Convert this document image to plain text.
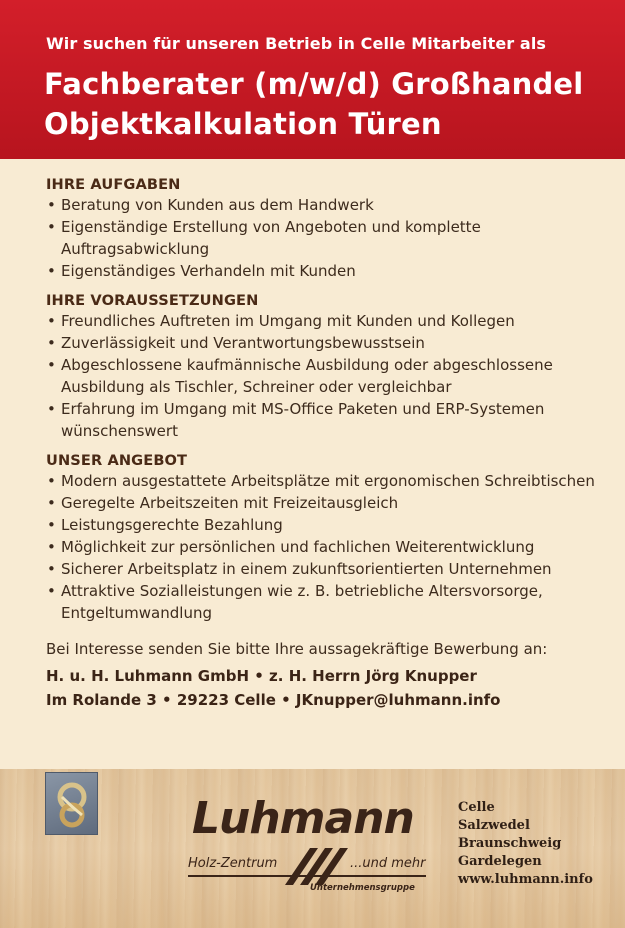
Wir suchen für unseren Betrieb in Celle Mitarbeiter als
Fachberater (m/w/d) Großhandel
Objektkalkulation Türen
IHRE AUFGABEN
• Beratung von Kunden aus dem Handwerk
• Eigenständige Erstellung von Angeboten und komplette Auftragsabwicklung
• Eigenständiges Verhandeln mit Kunden
IHRE VORAUSSETZUNGEN
• Freundliches Auftreten im Umgang mit Kunden und Kollegen
• Zuverlässigkeit und Verantwortungsbewusstsein
• Abgeschlossene kaufmännische Ausbildung oder abgeschlossene Ausbildung als Tischler, Schreiner oder vergleichbar
• Erfahrung im Umgang mit MS-Office Paketen und ERP-Systemen wünschenswert
UNSER ANGEBOT
• Modern ausgestattete Arbeitsplätze mit ergonomischen Schreibtischen
• Geregelte Arbeitszeiten mit Freizeitausgleich
• Leistungsgerechte Bezahlung
• Möglichkeit zur persönlichen und fachlichen Weiterentwicklung
• Sicherer Arbeitsplatz in einem zukunftsorientierten Unternehmen
• Attraktive Sozialleistungen wie z. B. betriebliche Altersvorsorge, Entgeltumwandlung
Bei Interesse senden Sie bitte Ihre aussagekräftige Bewerbung an:
H. u. H. Luhmann GmbH • z. H. Herrn Jörg Knupper
Im Rolande 3 • 29223 Celle • JKnupper@luhmann.info
Luhmann
Holz-Zentrum	...und mehr
Unternehmensgruppe
Celle
Salzwedel
Braunschweig
Gardelegen
www.luhmann.info
